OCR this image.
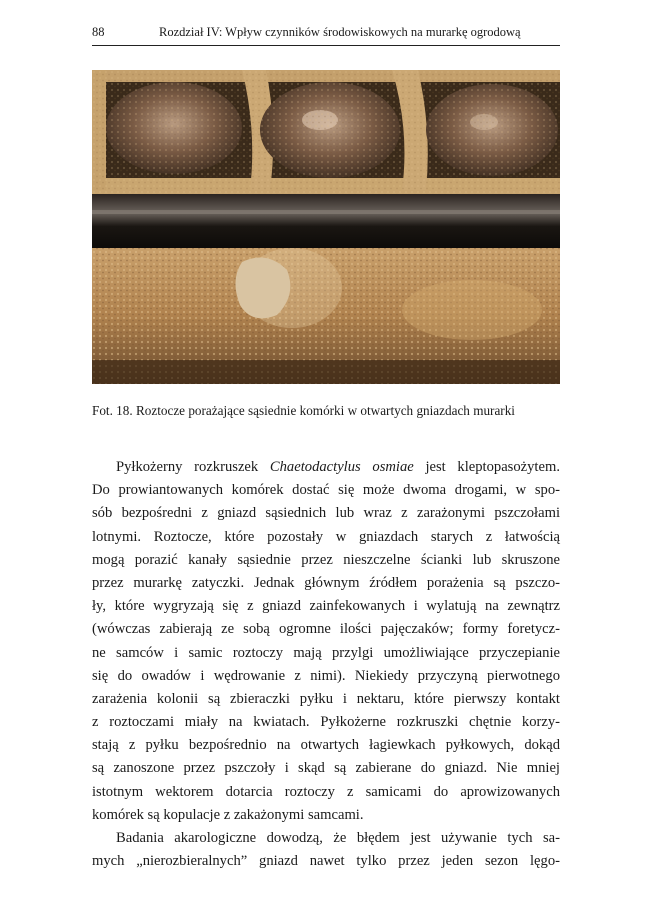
88	Rozdział IV: Wpływ czynników środowiskowych na murarkę ogrodową
Fot. 18. Roztocze porażające sąsiednie komórki w otwartych gniazdach murarki
Pyłkożerny rozkruszek Chaetodactylus osmiae jest kleptopasożytem.
Do prowiantowanych komórek dostać się może dwoma drogami, w spo-
sób bezpośredni z gniazd sąsiednich lub wraz z zarażonymi pszczołami
lotnymi. Roztocze, które pozostały w gniazdach starych z łatwością
mogą porazić kanały sąsiednie przez nieszczelne ścianki lub skruszone
przez murarkę zatyczki. Jednak głównym źródłem porażenia są pszczo-
ły, które wygryzają się z gniazd zainfekowanych i wylatują na zewnątrz
(wówczas zabierają ze sobą ogromne ilości pajęczaków; formy foretycz-
ne samców i samic roztoczy mają przylgi umożliwiające przyczepianie
się do owadów i wędrowanie z nimi). Niekiedy przyczyną pierwotnego
zarażenia kolonii są zbieraczki pyłku i nektaru, które pierwszy kontakt
z roztoczami miały na kwiatach. Pyłkożerne rozkruszki chętnie korzy-
stają z pyłku bezpośrednio na otwartych łagiewkach pyłkowych, dokąd
są zanoszone przez pszczoły i skąd są zabierane do gniazd. Nie mniej
istotnym wektorem dotarcia roztoczy z samicami do aprowizowanych
komórek są kopulacje z zakażonymi samcami.
Badania akarologiczne dowodzą, że błędem jest używanie tych sa-
mych „nierozbieralnych” gniazd nawet tylko przez jeden sezon lęgo-
